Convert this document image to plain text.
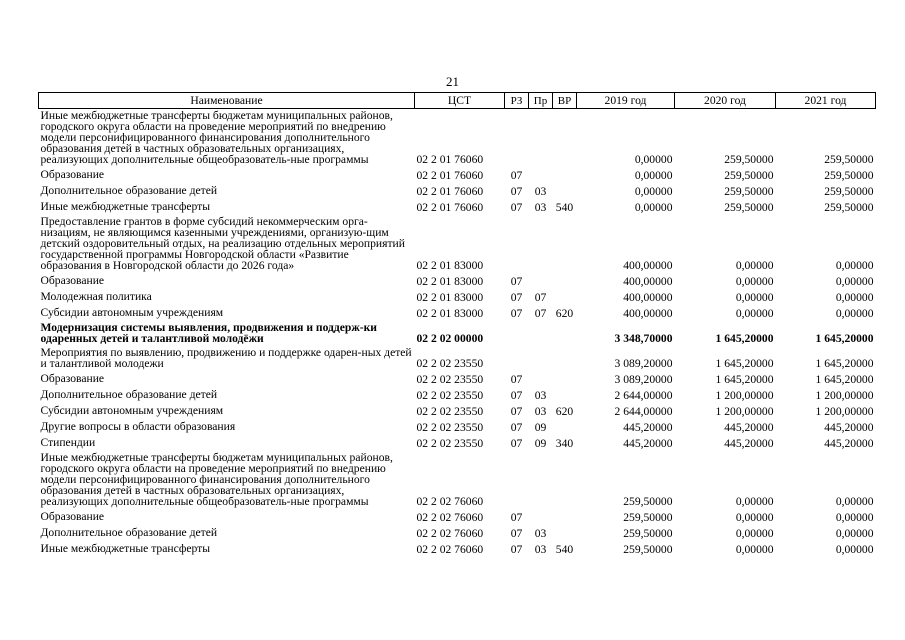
21
Наименование	ЦСТ	РЗ	Пр	ВР	2019 год	2020 год	2021 год
Иные межбюджетные трансферты бюджетам муниципальных районов, городского округа области на проведение мероприятий по внедрению модели персонифицированного финансирования дополнительного образования детей в частных образовательных организациях, реализующих дополнительные общеобразователь-ные программы	02 2 01 76060				0,00000	259,50000	259,50000
Образование	02 2 01 76060	07			0,00000	259,50000	259,50000
Дополнительное образование детей	02 2 01 76060	07	03		0,00000	259,50000	259,50000
Иные межбюджетные трансферты	02 2 01 76060	07	03	540	0,00000	259,50000	259,50000
Предоставление грантов в форме субсидий некоммерческим орга-низациям, не являющимся казенными учреждениями, организую-щим детский оздоровительный отдых, на реализацию отдельных мероприятий государственной программы Новгородской области «Развитие образования в Новгородской области до 2026 года»	02 2 01 83000				400,00000	0,00000	0,00000
Образование	02 2 01 83000	07			400,00000	0,00000	0,00000
Молодежная политика	02 2 01 83000	07	07		400,00000	0,00000	0,00000
Субсидии автономным учреждениям	02 2 01 83000	07	07	620	400,00000	0,00000	0,00000
Модернизация системы выявления, продвижения и поддерж-ки одаренных детей и талантливой молодёжи	02 2 02 00000				3 348,70000	1 645,20000	1 645,20000
Мероприятия по выявлению, продвижению и поддержке одарен-ных детей и талантливой молодежи	02 2 02 23550				3 089,20000	1 645,20000	1 645,20000
Образование	02 2 02 23550	07			3 089,20000	1 645,20000	1 645,20000
Дополнительное образование детей	02 2 02 23550	07	03		2 644,00000	1 200,00000	1 200,00000
Субсидии автономным учреждениям	02 2 02 23550	07	03	620	2 644,00000	1 200,00000	1 200,00000
Другие вопросы в области образования	02 2 02 23550	07	09		445,20000	445,20000	445,20000
Стипендии	02 2 02 23550	07	09	340	445,20000	445,20000	445,20000
Иные межбюджетные трансферты бюджетам муниципальных районов, городского округа области на проведение мероприятий по внедрению модели персонифицированного финансирования дополнительного образования детей в частных образовательных организациях, реализующих дополнительные общеобразователь-ные программы	02 2 02 76060				259,50000	0,00000	0,00000
Образование	02 2 02 76060	07			259,50000	0,00000	0,00000
Дополнительное образование детей	02 2 02 76060	07	03		259,50000	0,00000	0,00000
Иные межбюджетные трансферты	02 2 02 76060	07	03	540	259,50000	0,00000	0,00000
